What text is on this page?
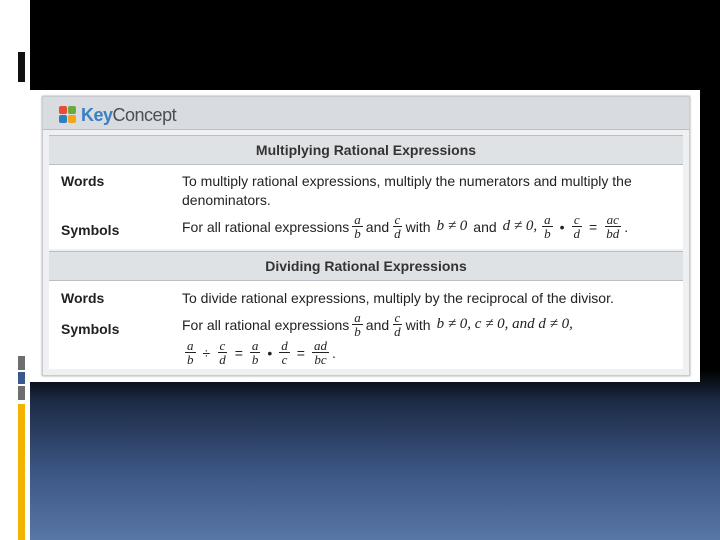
KeyConcept
Multiplying Rational Expressions
Words	To multiply rational expressions, multiply the numerators and multiply the denominators.
Symbols	For all rational expressions $\frac{a}{b}$ and $\frac{c}{d}$ with b ≠ 0 and d ≠ 0, $\frac{a}{b}$ • $\frac{c}{d} = \frac{ac}{bd}$ .
Dividing Rational Expressions
Words	To divide rational expressions, multiply by the reciprocal of the divisor.
Symbols	For all rational expressions $\frac{a}{b}$ and $\frac{c}{d}$ with b ≠ 0, c ≠ 0, and d ≠ 0,
$\frac{a}{b} \div \frac{c}{d} = \frac{a}{b}$ • $\frac{d}{c} = \frac{ad}{bc}$ .
